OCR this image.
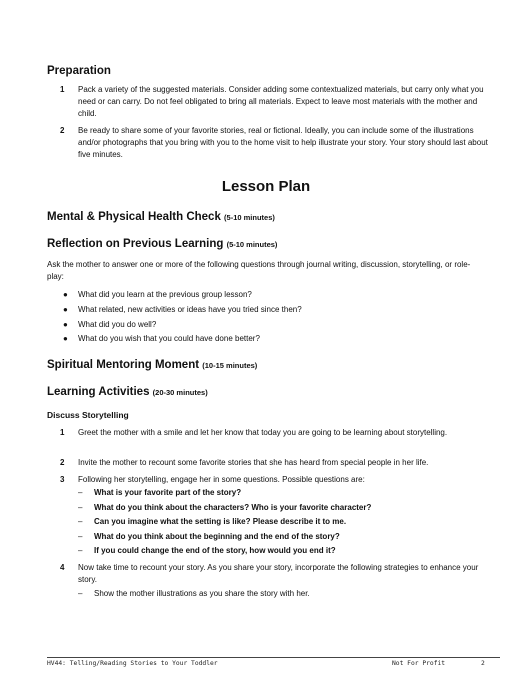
Preparation
1 Pack a variety of the suggested materials. Consider adding some contextualized materials, but carry only what you need or can carry. Do not feel obligated to bring all materials. Expect to leave most materials with the mother and child.
2 Be ready to share some of your favorite stories, real or fictional. Ideally, you can include some of the illustrations and/or photographs that you bring with you to the home visit to help illustrate your story. Your story should last about five minutes.
Lesson Plan
Mental & Physical Health Check (5-10 minutes)
Reflection on Previous Learning (5-10 minutes)
Ask the mother to answer one or more of the following questions through journal writing, discussion, storytelling, or role-play:
● What did you learn at the previous group lesson?
● What related, new activities or ideas have you tried since then?
● What did you do well?
● What do you wish that you could have done better?
Spiritual Mentoring Moment (10-15 minutes)
Learning Activities (20-30 minutes)
Discuss Storytelling
1 Greet the mother with a smile and let her know that today you are going to be learning about storytelling.
2 Invite the mother to recount some favorite stories that she has heard from special people in her life.
3 Following her storytelling, engage her in some questions. Possible questions are:
– What is your favorite part of the story?
– What do you think about the characters? Who is your favorite character?
– Can you imagine what the setting is like? Please describe it to me.
– What do you think about the beginning and the end of the story?
– If you could change the end of the story, how would you end it?
4 Now take time to recount your story. As you share your story, incorporate the following strategies to enhance your story.
– Show the mother illustrations as you share the story with her.
HV44: Telling/Reading Stories to Your Toddler	Not For Profit	2
